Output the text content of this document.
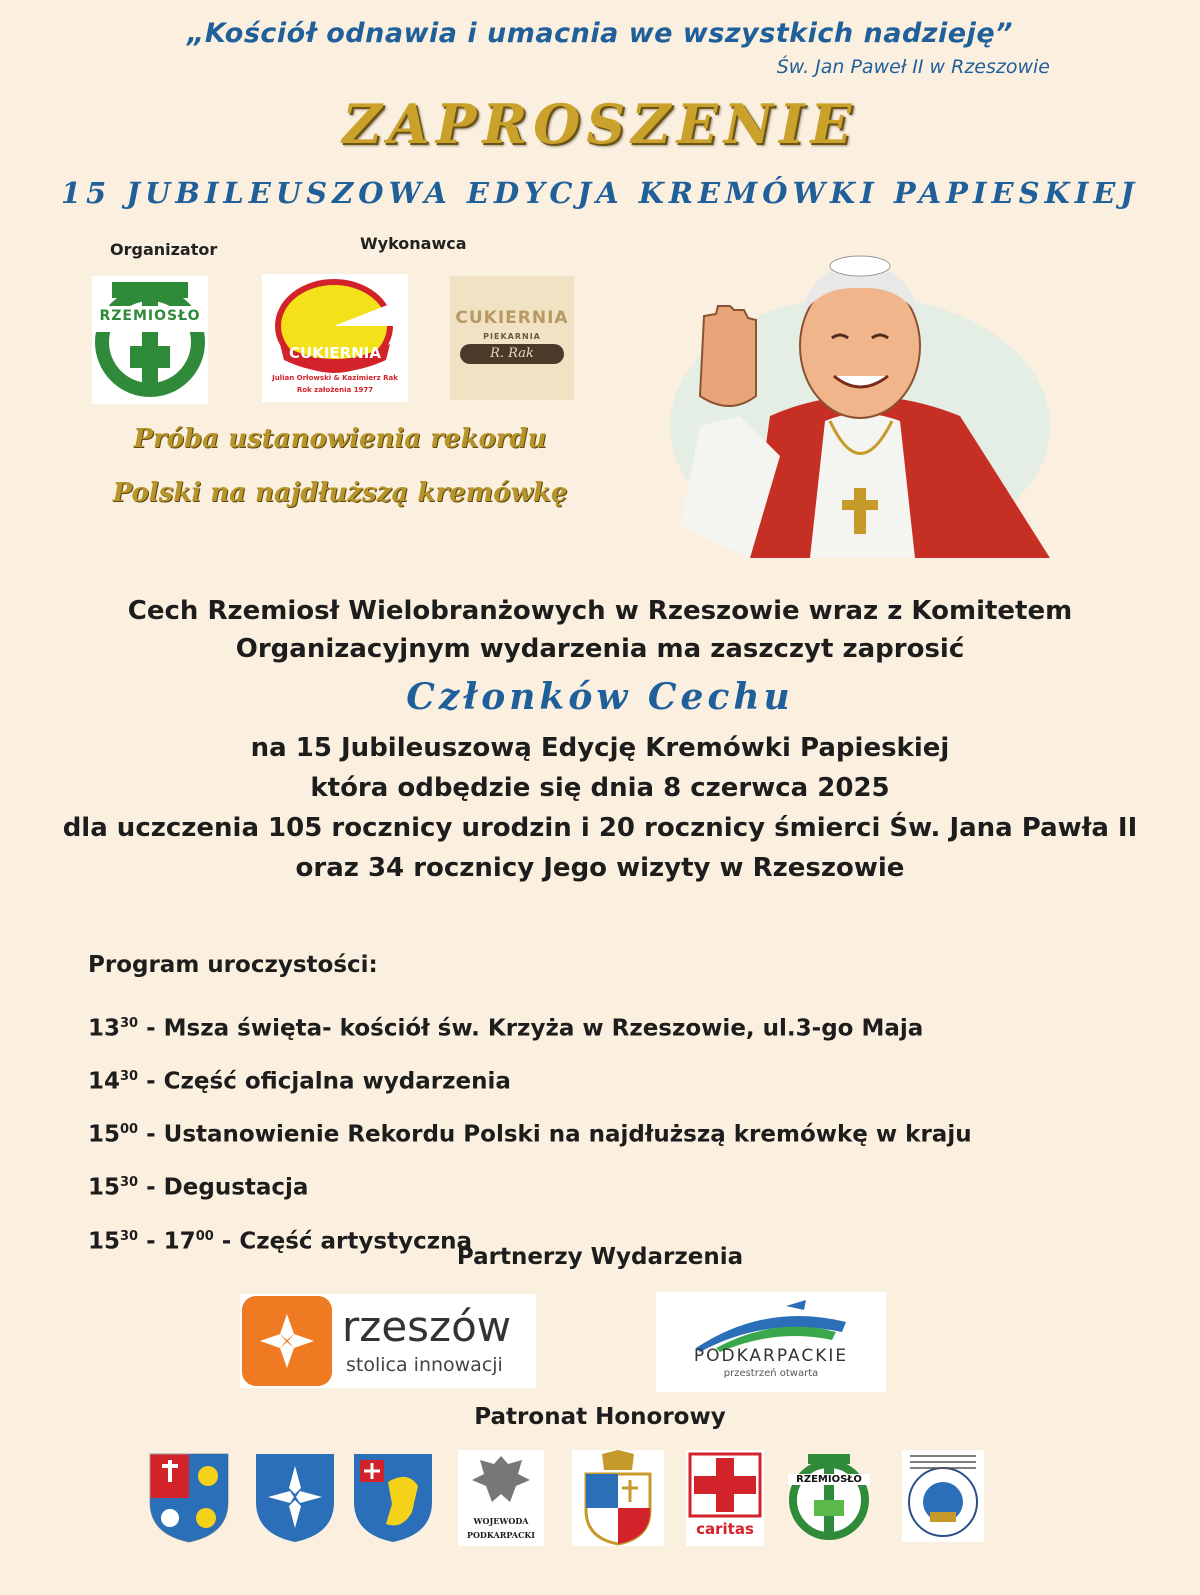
„Kościół odnawia i umacnia we wszystkich nadzieję”
Św. Jan Paweł II w Rzeszowie
ZAPROSZENIE
15 JUBILEUSZOWA EDYCJA KREMÓWKI PAPIESKIEJ
Organizator	Wykonawca
RZEMIOSŁO
CUKIERNIA
Julian Orłowski & Kazimierz Rak
Rok założenia 1977
CUKIERNIA
PIEKARNIA
R. Rak
Próba ustanowienia rekordu
Polski na najdłuższą kremówkę
Cech Rzemiosł Wielobranżowych w Rzeszowie wraz z Komitetem
Organizacyjnym wydarzenia ma zaszczyt zaprosić
Członków Cechu
na 15 Jubileuszową Edycję Kremówki Papieskiej
która odbędzie się dnia 8 czerwca 2025
dla uczczenia 105 rocznicy urodzin i 20 rocznicy śmierci Św. Jana Pawła II
oraz 34 rocznicy Jego wizyty w Rzeszowie
Program uroczystości:
$13^{30}$ - Msza święta- kościół św. Krzyża w Rzeszowie, ul.3-go Maja
$14^{30}$ - Część oficjalna wydarzenia
$15^{00}$ - Ustanowienie Rekordu Polski na najdłuższą kremówkę w kraju
$15^{30}$ - Degustacja
$15^{30} - 17^{00}$ - Część artystyczna
Partnerzy Wydarzenia
rzeszów
stolica innowacji	PODKARPACKIE
przestrzeń otwarta
Patronat Honorowy
WOJEWODA
PODKARPACKI	caritas
RZEMIOSŁO
